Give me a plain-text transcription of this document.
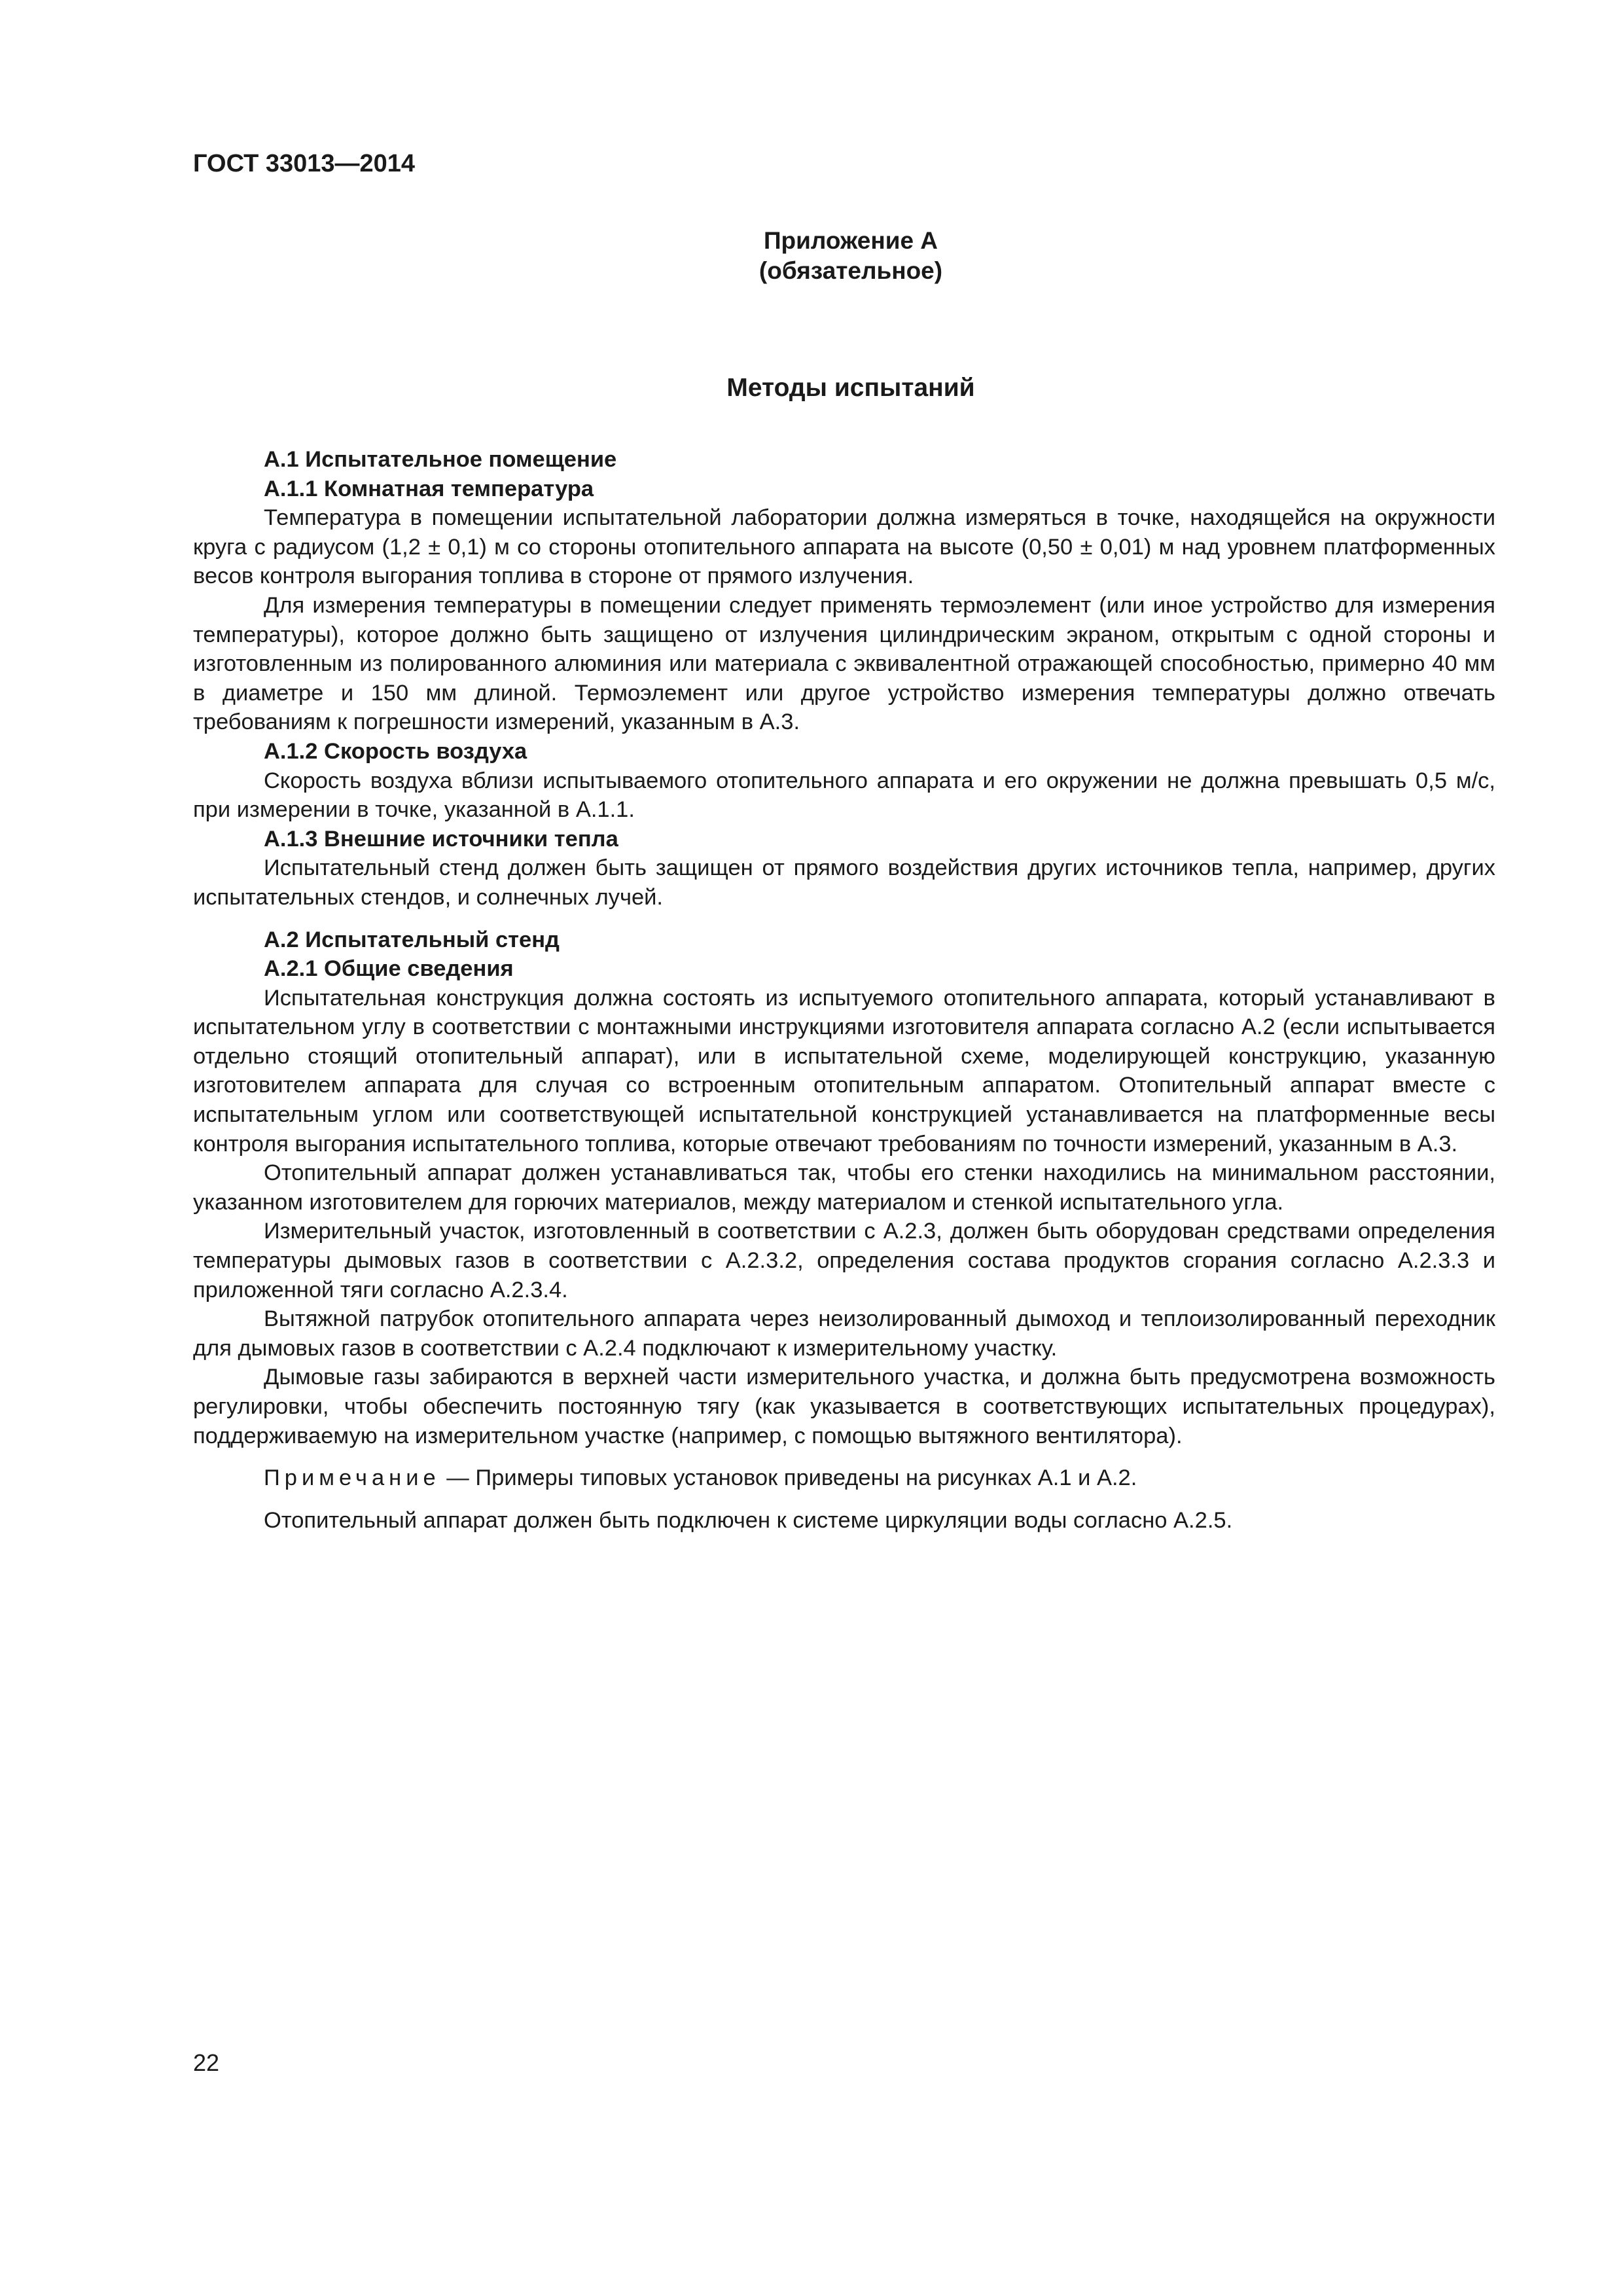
ГОСТ 33013—2014
Приложение А
(обязательное)
Методы испытаний

А.1 Испытательное помещение

А.1.1 Комнатная температура

Температура в помещении испытательной лаборатории должна измеряться в точке, находящейся на окружности круга с радиусом (1,2 ± 0,1) м со стороны отопительного аппарата на высоте (0,50 ± 0,01) м над уровнем платформенных весов контроля выгорания топлива в стороне от прямого излучения.

Для измерения температуры в помещении следует применять термоэлемент (или иное устройство для измерения температуры), которое должно быть защищено от излучения цилиндрическим экраном, открытым с одной стороны и изготовленным из полированного алюминия или материала с эквивалентной отражающей способностью, примерно 40 мм в диаметре и 150 мм длиной. Термоэлемент или другое устройство измерения температуры должно отвечать требованиям к погрешности измерений, указанным в А.3.

А.1.2 Скорость воздуха

Скорость воздуха вблизи испытываемого отопительного аппарата и его окружении не должна превышать 0,5 м/с, при измерении в точке, указанной в А.1.1.

А.1.3 Внешние источники тепла

Испытательный стенд должен быть защищен от прямого воздействия других источников тепла, например, других испытательных стендов, и солнечных лучей.

А.2 Испытательный стенд

А.2.1 Общие сведения

Испытательная конструкция должна состоять из испытуемого отопительного аппарата, который устанавливают в испытательном углу в соответствии с монтажными инструкциями изготовителя аппарата согласно А.2 (если испытывается отдельно стоящий отопительный аппарат), или в испытательной схеме, моделирующей конструкцию, указанную изготовителем аппарата для случая со встроенным отопительным аппаратом. Отопительный аппарат вместе с испытательным углом или соответствующей испытательной конструкцией устанавливается на платформенные весы контроля выгорания испытательного топлива, которые отвечают требованиям по точности измерений, указанным в А.3.

Отопительный аппарат должен устанавливаться так, чтобы его стенки находились на минимальном расстоянии, указанном изготовителем для горючих материалов, между материалом и стенкой испытательного угла.

Измерительный участок, изготовленный в соответствии с А.2.3, должен быть оборудован средствами определения температуры дымовых газов в соответствии с А.2.3.2, определения состава продуктов сгорания согласно А.2.3.3 и приложенной тяги согласно А.2.3.4.

Вытяжной патрубок отопительного аппарата через неизолированный дымоход и теплоизолированный переходник для дымовых газов в соответствии с А.2.4 подключают к измерительному участку.

Дымовые газы забираются в верхней части измерительного участка, и должна быть предусмотрена возможность регулировки, чтобы обеспечить постоянную тягу (как указывается в соответствующих испытательных процедурах), поддерживаемую на измерительном участке (например, с помощью вытяжного вентилятора).

Примечание — Примеры типовых установок приведены на рисунках А.1 и А.2.

Отопительный аппарат должен быть подключен к системе циркуляции воды согласно А.2.5.

22
